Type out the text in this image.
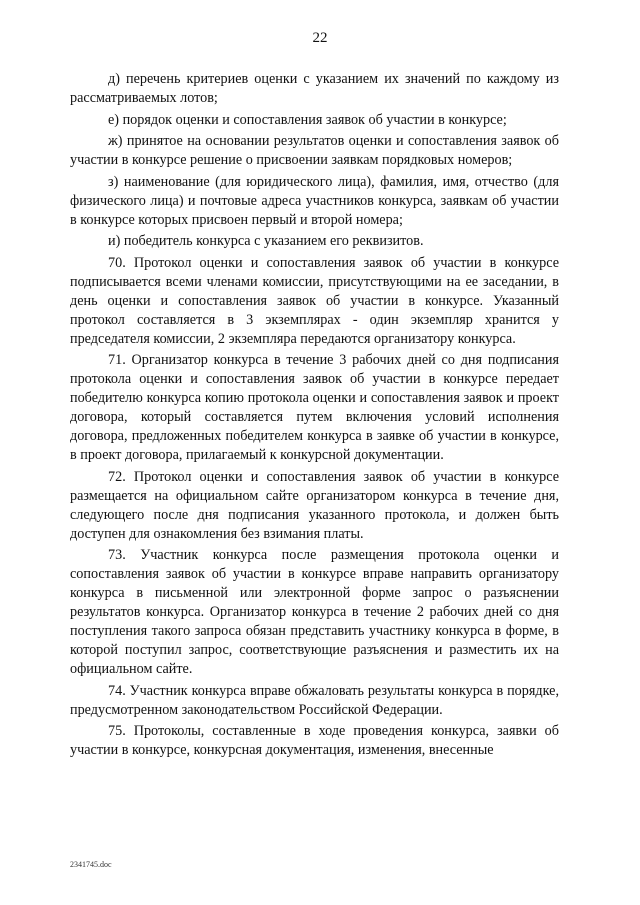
22

д) перечень критериев оценки с указанием их значений по каждому из рассматриваемых лотов;

е) порядок оценки и сопоставления заявок об участии в конкурсе;

ж) принятое на основании результатов оценки и сопоставления заявок об участии в конкурсе решение о присвоении заявкам порядковых номеров;

з) наименование (для юридического лица), фамилия, имя, отчество (для физического лица) и почтовые адреса участников конкурса, заявкам об участии в конкурсе которых присвоен первый и второй номера;

и) победитель конкурса с указанием его реквизитов.

70. Протокол оценки и сопоставления заявок об участии в конкурсе подписывается всеми членами комиссии, присутствующими на ее заседании, в день оценки и сопоставления заявок об участии в конкурсе. Указанный протокол составляется в 3 экземплярах - один экземпляр хранится у председателя комиссии, 2 экземпляра передаются организатору конкурса.

71. Организатор конкурса в течение 3 рабочих дней со дня подписания протокола оценки и сопоставления заявок об участии в конкурсе передает победителю конкурса копию протокола оценки и сопоставления заявок и проект договора, который составляется путем включения условий исполнения договора, предложенных победителем конкурса в заявке об участии в конкурсе, в проект договора, прилагаемый к конкурсной документации.

72. Протокол оценки и сопоставления заявок об участии в конкурсе размещается на официальном сайте организатором конкурса в течение дня, следующего после дня подписания указанного протокола, и должен быть доступен для ознакомления без взимания платы.

73. Участник конкурса после размещения протокола оценки и сопоставления заявок об участии в конкурсе вправе направить организатору конкурса в письменной или электронной форме запрос о разъяснении результатов конкурса. Организатор конкурса в течение 2 рабочих дней со дня поступления такого запроса обязан представить участнику конкурса в форме, в которой поступил запрос, соответствующие разъяснения и разместить их на официальном сайте.

74. Участник конкурса вправе обжаловать результаты конкурса в порядке, предусмотренном законодательством Российской Федерации.

75. Протоколы, составленные в ходе проведения конкурса, заявки об участии в конкурсе, конкурсная документация, изменения, внесенные

2341745.doc
